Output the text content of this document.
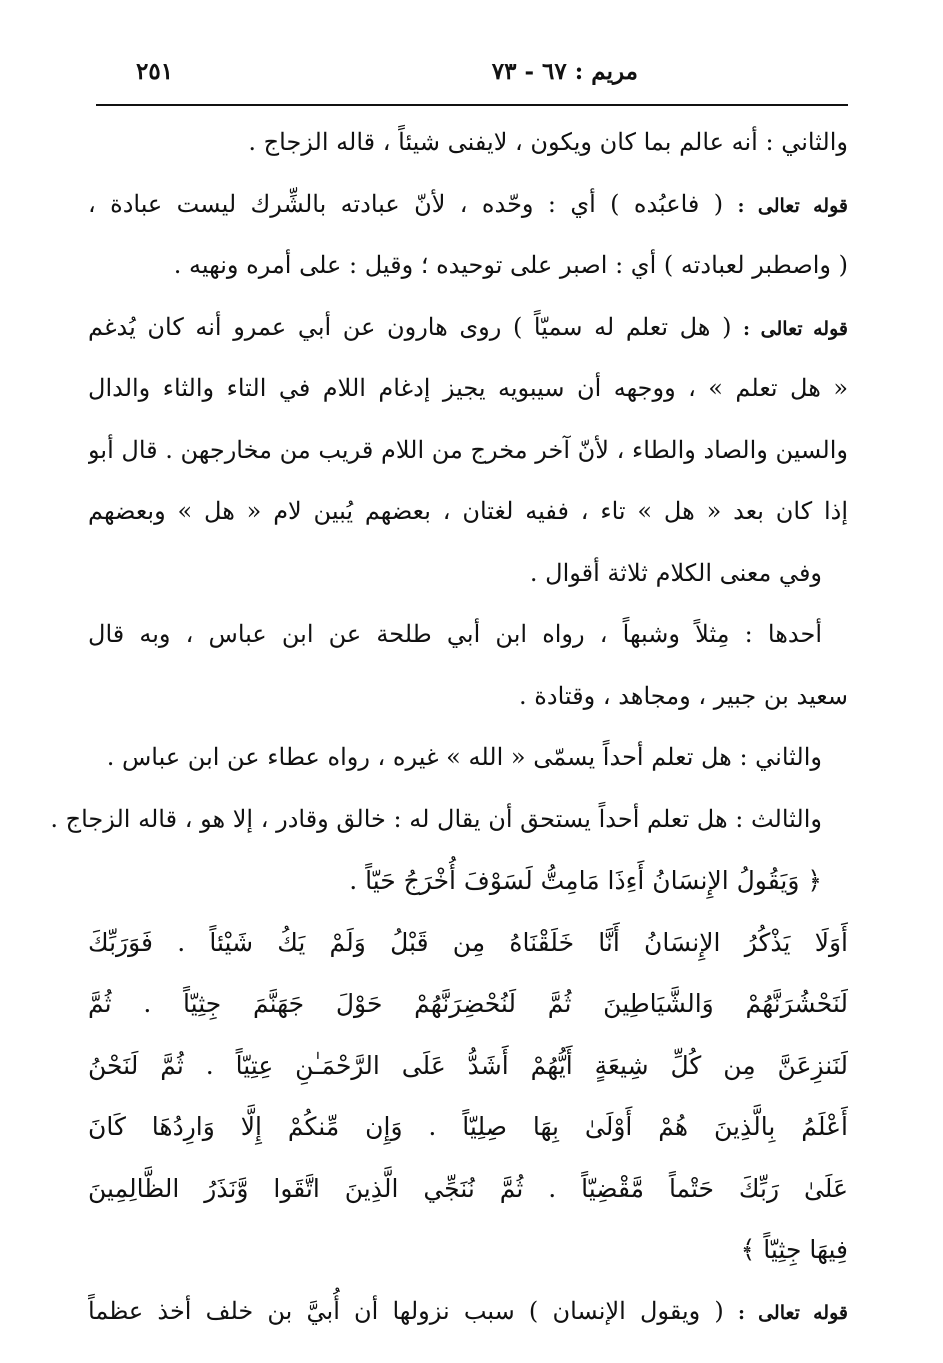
مريم : ٦٧ - ٧٣
٢٥١
والثاني : أنه عالم بما كان ويكون ، لايفنى شيئاً ، قاله الزجاج .
قوله تعالى : ( فاعبُده ) أي : وحّده ، لأنّ عبادته بالشِّرك ليست عبادة ،
( واصطبر لعبادته ) أي : اصبر على توحيده ؛ وقيل : على أمره ونهيه .
قوله تعالى : ( هل تعلم له سميّاً ) روى هارون عن أبي عمرو أنه كان يُدغم
« هل تعلم » ، ووجهه أن سيبويه يجيز إدغام اللام في التاء والثاء والدال
والسين والصاد والطاء ، لأنّ آخر مخرج من اللام قريب من مخارجهن . قال أبو
إذا كان بعد « هل » تاء ، ففيه لغتان ، بعضهم يُبين لام « هل » وبعضهم
وفي معنى الكلام ثلاثة أقوال .
أحدها : مِثلاً وشبهاً ، رواه ابن أبي طلحة عن ابن عباس ، وبه قال
سعيد بن جبير ، ومجاهد ، وقتادة .
والثاني : هل تعلم أحداً يسمّى « الله » غيره ، رواه عطاء عن ابن عباس .
والثالث : هل تعلم أحداً يستحق أن يقال له : خالق وقادر ، إلا هو ، قاله الزجاج .
﴿ وَيَقُولُ الإِنسَانُ أَءِذَا مَامِتُّ لَسَوْفَ أُخْرَجُ حَيّاً .
أَوَلَا يَذْكُرُ الإِنسَانُ أَنَّا خَلَقْنَاهُ مِن قَبْلُ وَلَمْ يَكُ شَيْئاً . فَوَرَبِّكَ
لَنَحْشُرَنَّهُمْ وَالشَّيَاطِينَ ثُمَّ لَنُحْضِرَنَّهُمْ حَوْلَ جَهَنَّمَ جِثِيّاً . ثُمَّ
لَنَنزِعَنَّ مِن كُلِّ شِيعَةٍ أَيُّهُمْ أَشَدُّ عَلَى الرَّحْمَـٰنِ عِتِيّاً . ثُمَّ لَنَحْنُ
أَعْلَمُ بِالَّذِينَ هُمْ أَوْلَىٰ بِهَا صِلِيّاً . وَإِن مِّنكُمْ إِلَّا وَارِدُهَا كَانَ
عَلَىٰ رَبِّكَ حَتْماً مَّقْضِيّاً . ثُمَّ نُنَجِّي الَّذِينَ اتَّقَوا وَّنَذَرُ الظَّالِمِينَ
فِيهَا جِثِيّاً ﴾
قوله تعالى : ( ويقول الإنسان ) سبب نزولها أن أُبيَّ بن خلف أخذ عظماً
